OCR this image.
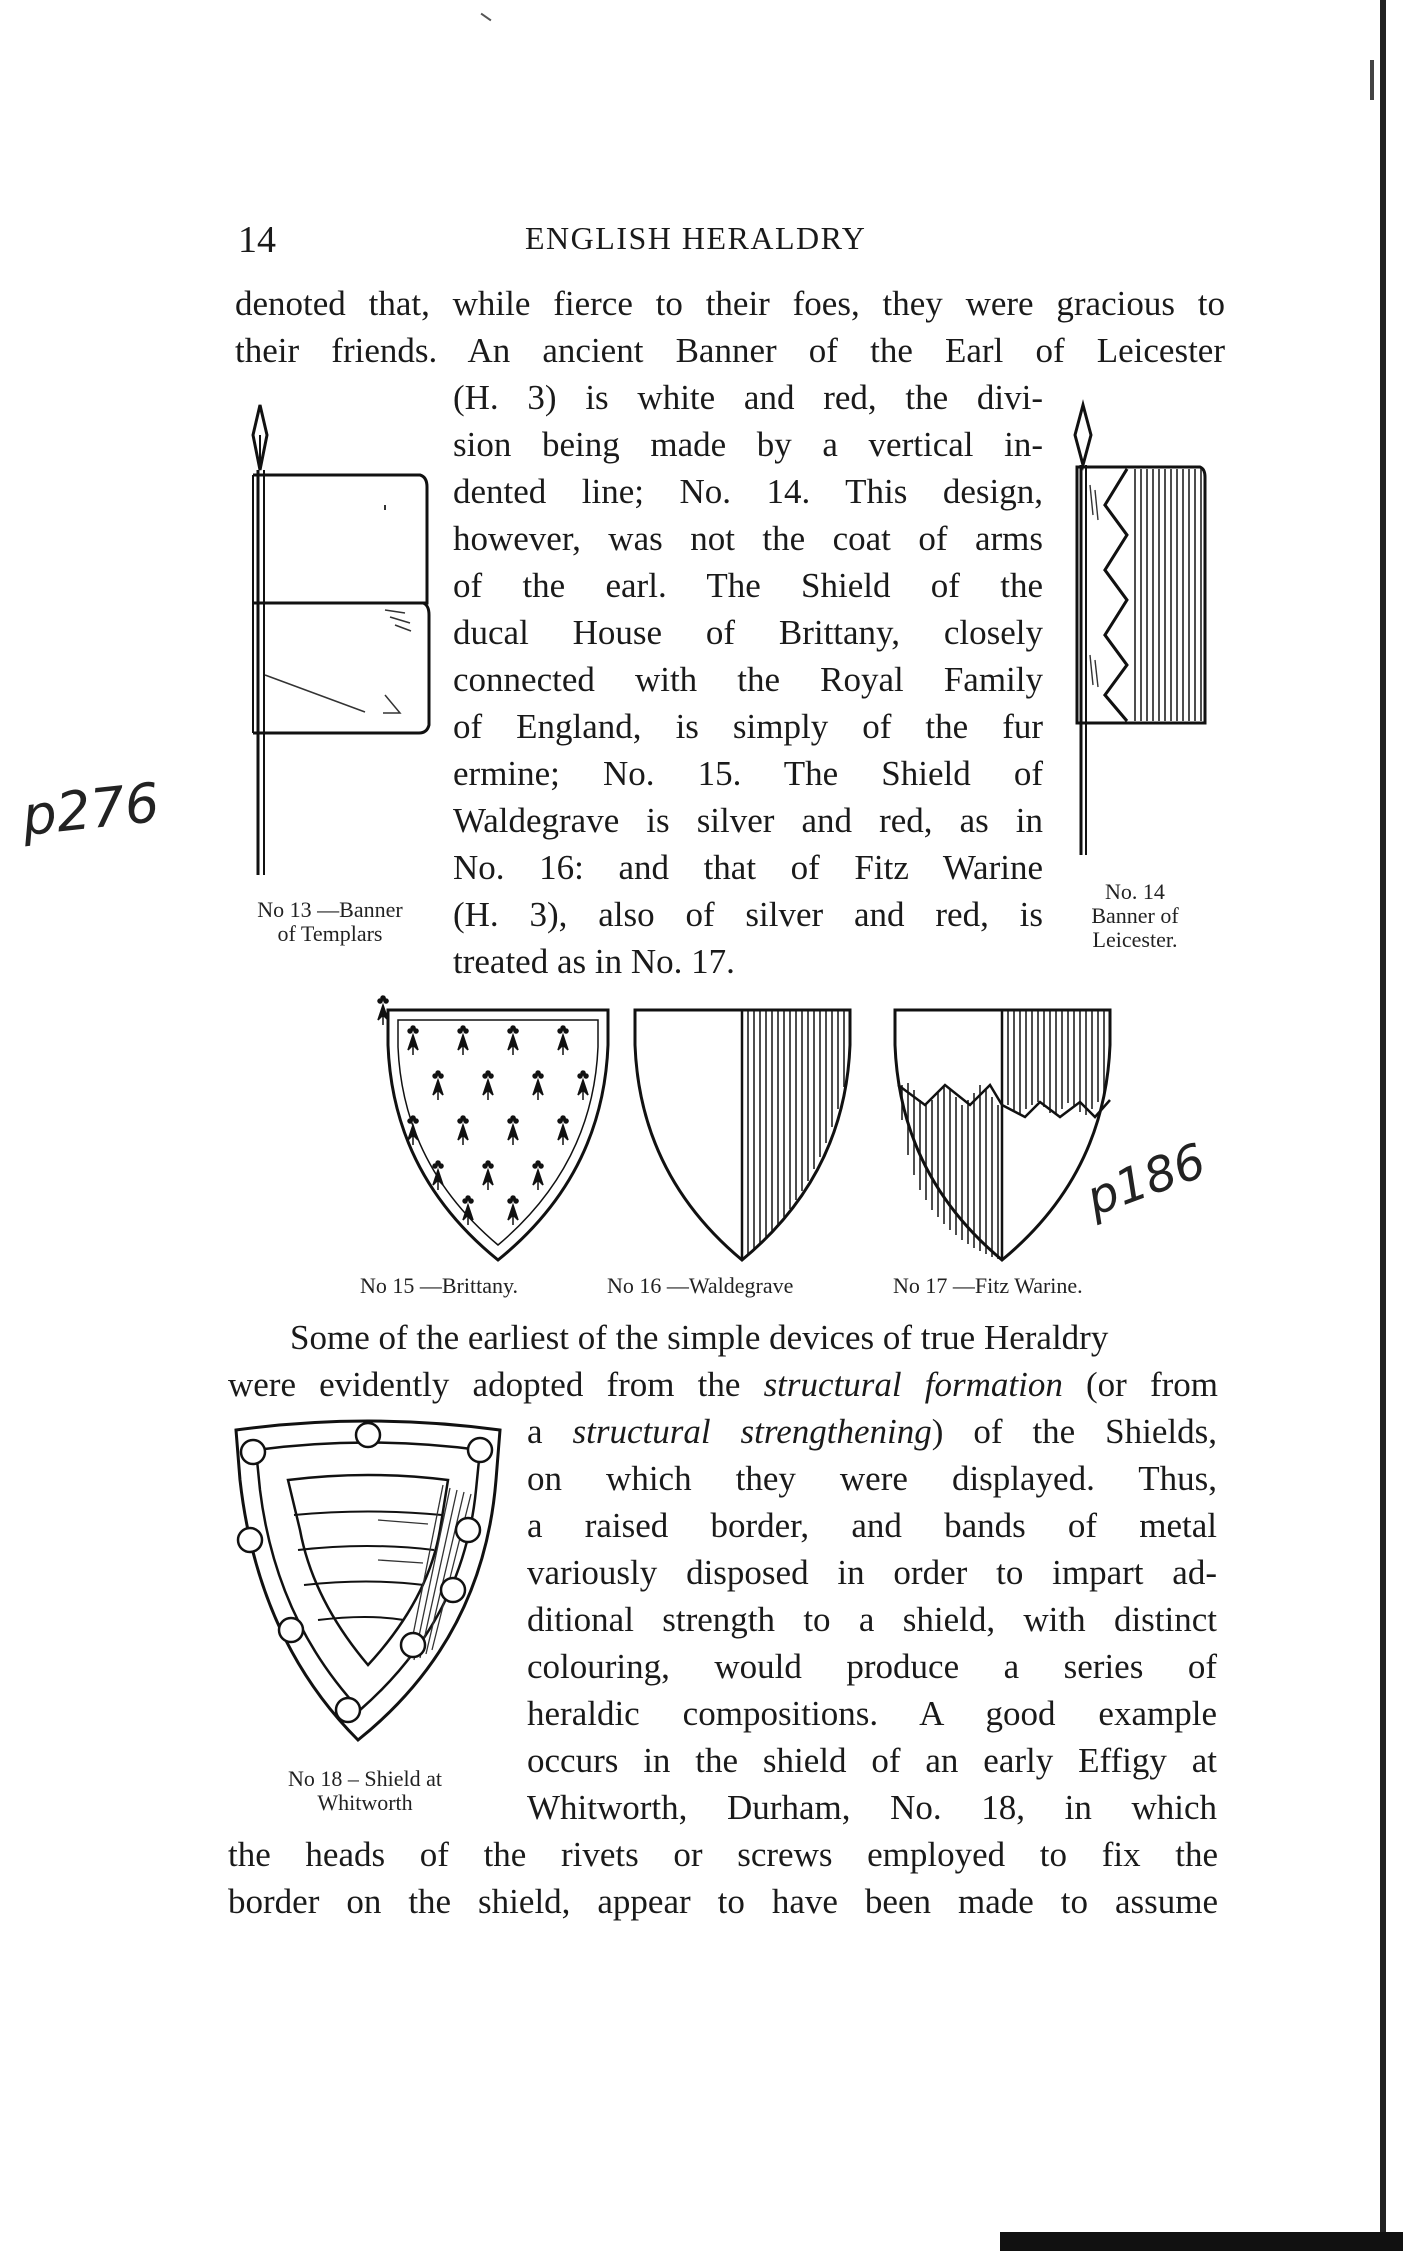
14	ENGLISH HERALDRY
denoted that, while fierce to their foes, they were gracious to
their friends. An ancient Banner of the Earl of Leicester
(H. 3) is white and red, the divi-
sion being made by a vertical in-
dented line; No. 14. This design,
however, was not the coat of arms
of the earl. The Shield of the
ducal House of Brittany, closely
connected with the Royal Family
of England, is simply of the fur
ermine; No. 15. The Shield of
Waldegrave is silver and red, as in
No. 16: and that of Fitz Warine
(H. 3), also of silver and red, is
treated as in No. 17.
No 13 —Banner
of Templars
No. 14
Banner of
Leicester.
No 15 —Brittany.	No 16 —Waldegrave	No 17 —Fitz Warine.
Some of the earliest of the simple devices of true Heraldry
were evidently adopted from the structural formation (or from
a structural strengthening) of the Shields,
on which they were displayed. Thus,
a raised border, and bands of metal
variously disposed in order to impart ad-
ditional strength to a shield, with distinct
colouring, would produce a series of
heraldic compositions. A good example
occurs in the shield of an early Effigy at
Whitworth, Durham, No. 18, in which
the heads of the rivets or screws employed to fix the
border on the shield, appear to have been made to assume
No 18 – Shield at
Whitworth
p276
p186
